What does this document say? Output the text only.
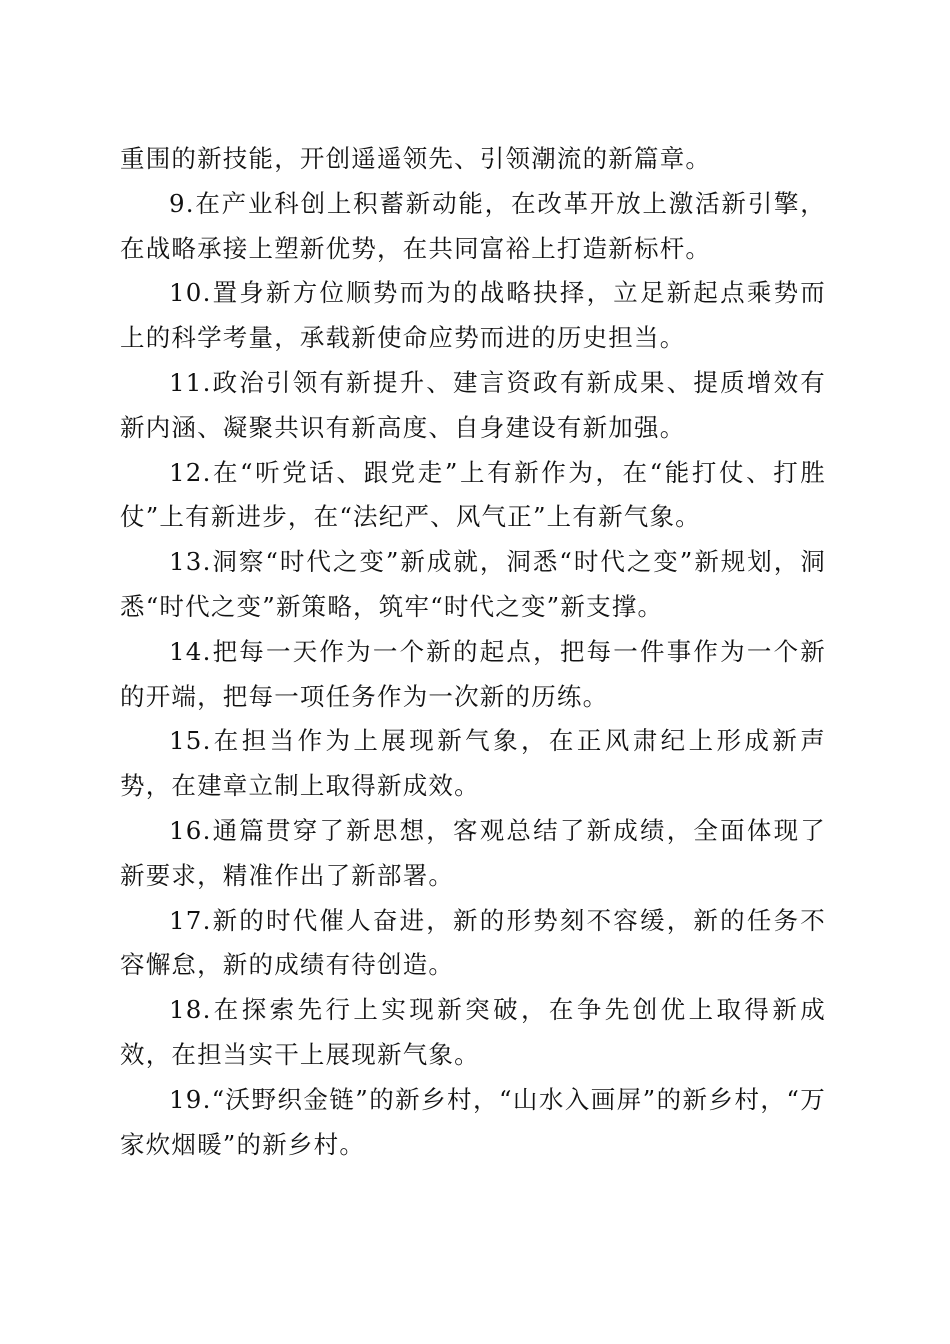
重围的新技能，开创遥遥领先、引领潮流的新篇章。

9.在产业科创上积蓄新动能，在改革开放上激活新引擎，在战略承接上塑新优势，在共同富裕上打造新标杆。

10.置身新方位顺势而为的战略抉择，立足新起点乘势而上的科学考量，承载新使命应势而进的历史担当。

11.政治引领有新提升、建言资政有新成果、提质增效有新内涵、凝聚共识有新高度、自身建设有新加强。

12.在“听党话、跟党走”上有新作为，在“能打仗、打胜仗”上有新进步，在“法纪严、风气正”上有新气象。

13.洞察“时代之变”新成就，洞悉“时代之变”新规划，洞悉“时代之变”新策略，筑牢“时代之变”新支撑。

14.把每一天作为一个新的起点，把每一件事作为一个新的开端，把每一项任务作为一次新的历练。

15.在担当作为上展现新气象，在正风肃纪上形成新声势，在建章立制上取得新成效。

16.通篇贯穿了新思想，客观总结了新成绩，全面体现了新要求，精准作出了新部署。

17.新的时代催人奋进，新的形势刻不容缓，新的任务不容懈怠，新的成绩有待创造。

18.在探索先行上实现新突破，在争先创优上取得新成效，在担当实干上展现新气象。

19.“沃野织金链”的新乡村，“山水入画屏”的新乡村，“万家炊烟暖”的新乡村。
